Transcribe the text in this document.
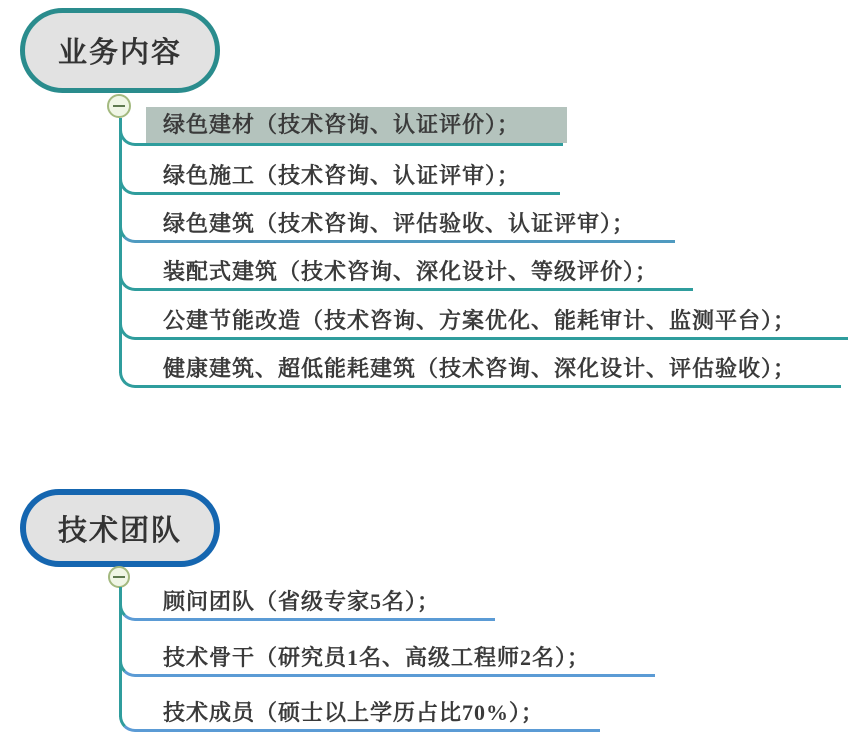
业务内容
绿色建材（技术咨询、认证评价）；
绿色施工（技术咨询、认证评审）；
绿色建筑（技术咨询、评估验收、认证评审）；
装配式建筑（技术咨询、深化设计、等级评价）；
公建节能改造（技术咨询、方案优化、能耗审计、监测平台）；
健康建筑、超低能耗建筑（技术咨询、深化设计、评估验收）；
技术团队
顾问团队（省级专家5名）；
技术骨干（研究员1名、高级工程师2名）；
技术成员（硕士以上学历占比70%）；
